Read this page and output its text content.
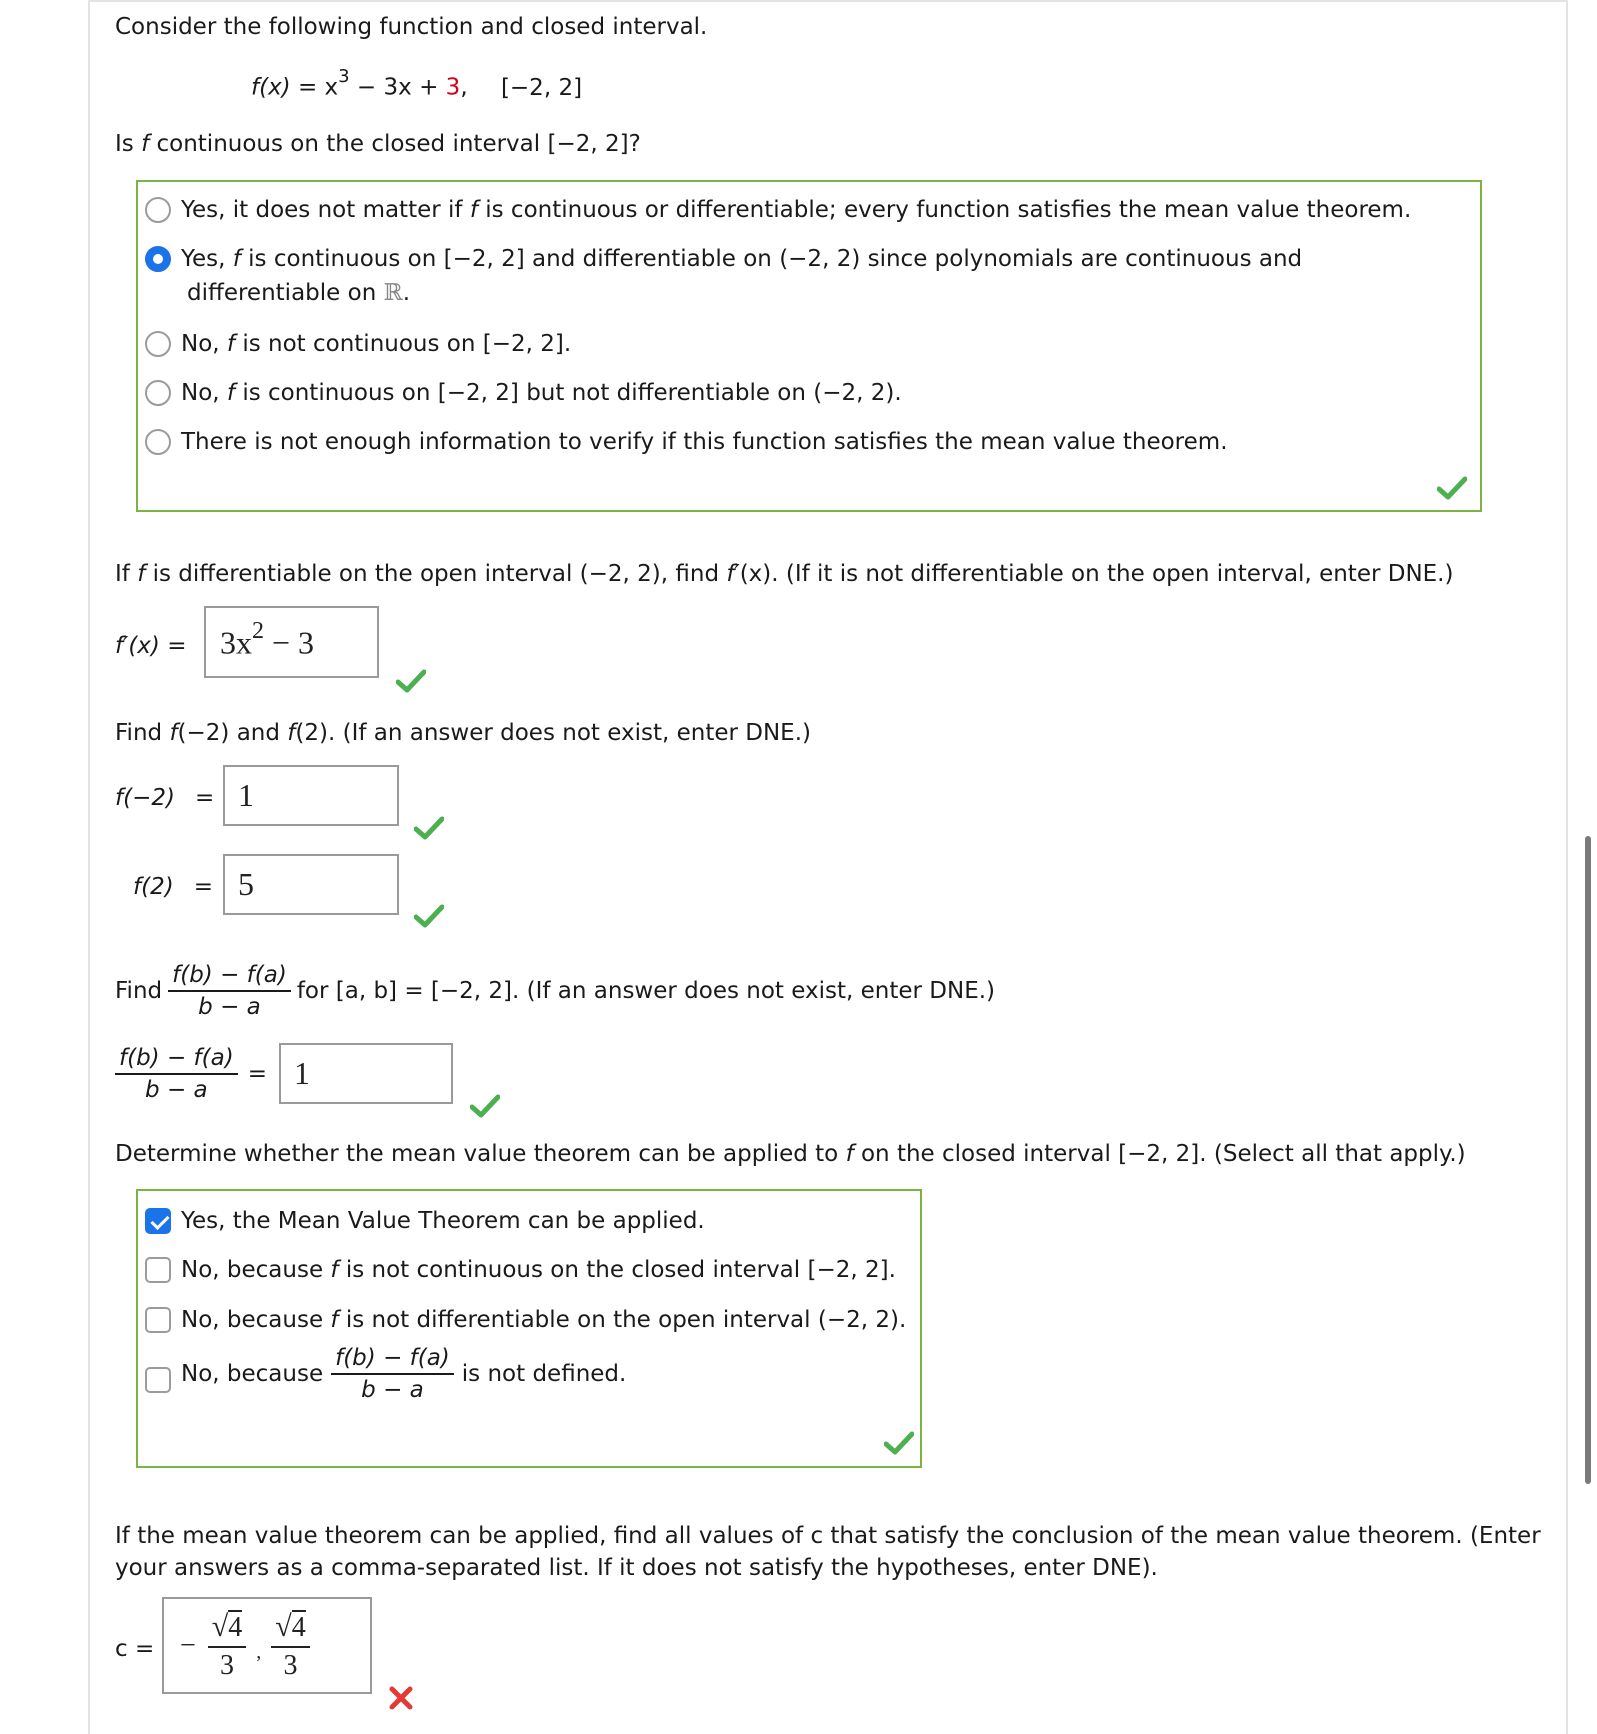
Consider the following function and closed interval.
$f(x) = x^3 - 3x + 3$, [−2, 2]
Is f continuous on the closed interval [−2, 2]?
Yes, it does not matter if f is continuous or differentiable; every function satisfies the mean value theorem.
Yes, f is continuous on [−2, 2] and differentiable on (−2, 2) since polynomials are continuous and
differentiable on ℝ.
No, f is not continuous on [−2, 2].
No, f is continuous on [−2, 2] but not differentiable on (−2, 2).
There is not enough information to verify if this function satisfies the mean value theorem.
If f is differentiable on the open interval (−2, 2), find f′(x). (If it is not differentiable on the open interval, enter DNE.)
f′(x) =	$3x^2 - 3$
Find f(−2) and f(2). (If an answer does not exist, enter DNE.)
f(−2) = 1
f(2) = 5
Find $\frac{f(b) - f(a)}{b - a}$ for [a, b] = [−2, 2]. (If an answer does not exist, enter DNE.)
$\frac{f(b) - f(a)}{b - a} = 1$
Determine whether the mean value theorem can be applied to f on the closed interval [−2, 2]. (Select all that apply.)
Yes, the Mean Value Theorem can be applied.
No, because f is not continuous on the closed interval [−2, 2].
No, because f is not differentiable on the open interval (−2, 2).
No, because $\frac{f(b) - f(a)}{b - a}$ is not defined.
If the mean value theorem can be applied, find all values of c that satisfy the conclusion of the mean value theorem. (Enter
your answers as a comma-separated list. If it does not satisfy the hypotheses, enter DNE).
c = − $\frac{√4}{3}$ , $\frac{√4}{3}$
